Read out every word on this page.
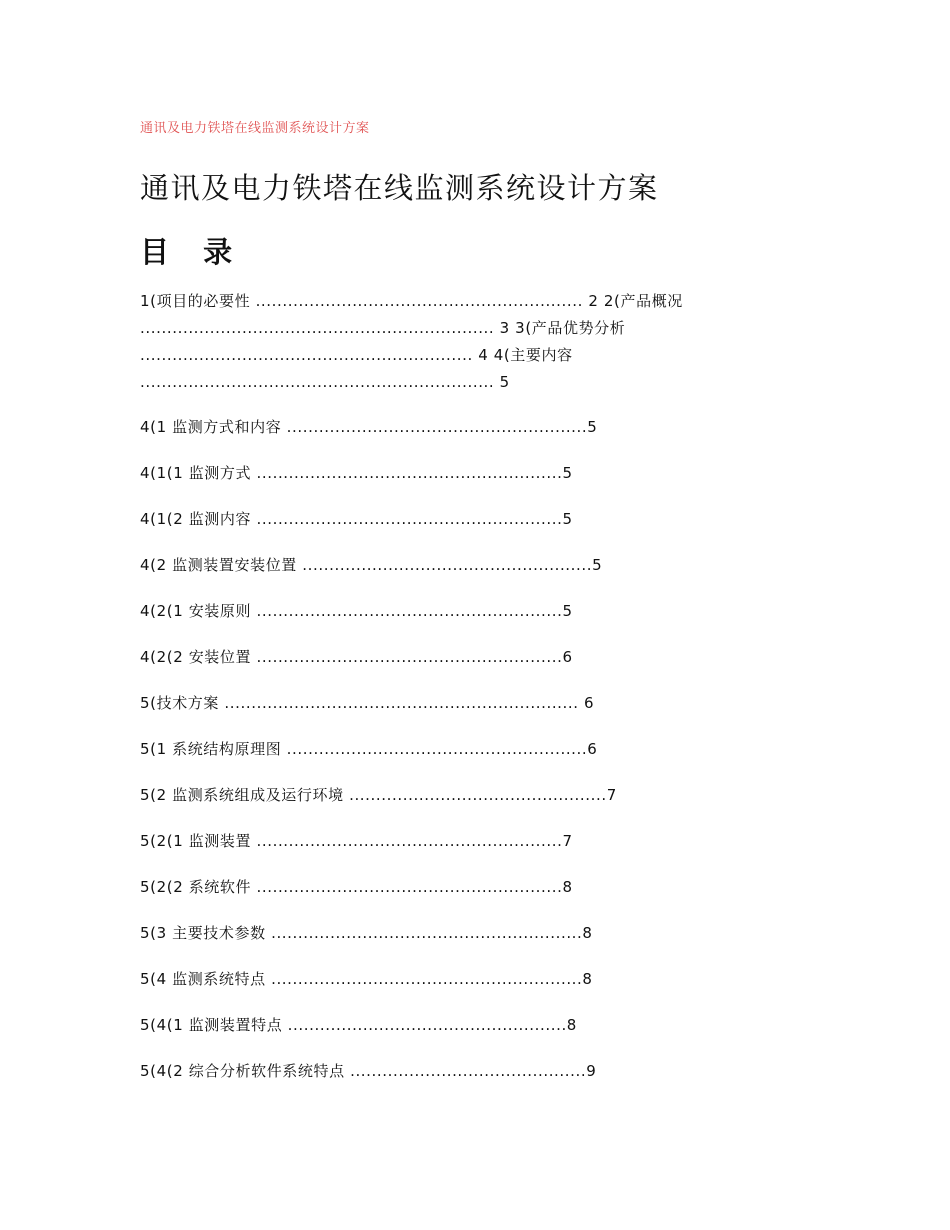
通讯及电力铁塔在线监测系统设计方案
通讯及电力铁塔在线监测系统设计方案
目 录
1(项目的必要性 ............................................................. 2 2(产品概况
.................................................................. 3 3(产品优势分析
.............................................................. 4 4(主要内容
.................................................................. 5
4(1 监测方式和内容 ........................................................5
4(1(1 监测方式 .........................................................5
4(1(2 监测内容 .........................................................5
4(2 监测装置安装位置 ......................................................5
4(2(1 安装原则 .........................................................5
4(2(2 安装位置 .........................................................6
5(技术方案 .................................................................. 6
5(1 系统结构原理图 ........................................................6
5(2 监测系统组成及运行环境 ................................................7
5(2(1 监测装置 .........................................................7
5(2(2 系统软件 .........................................................8
5(3 主要技术参数 ..........................................................8
5(4 监测系统特点 ..........................................................8
5(4(1 监测装置特点 ....................................................8
5(4(2 综合分析软件系统特点 ............................................9
